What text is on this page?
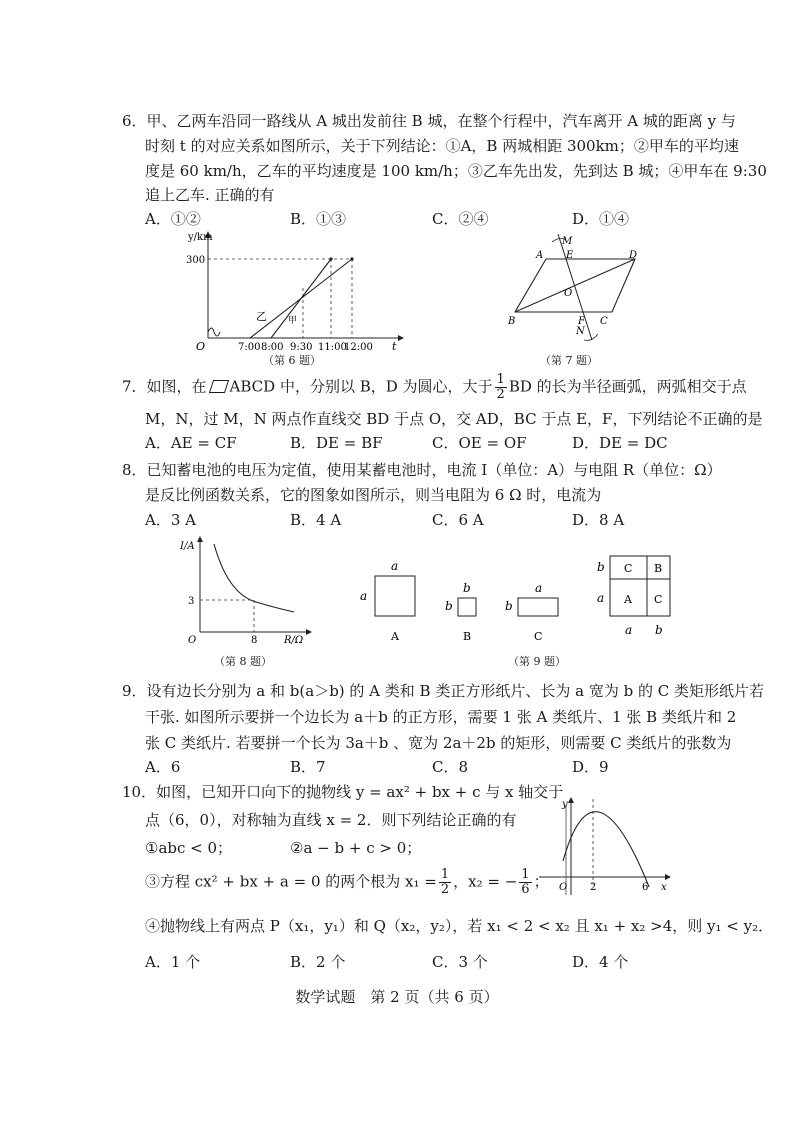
6．甲、乙两车沿同一路线从 A 城出发前往 B 城，在整个行程中，汽车离开 A 城的距离 y 与
时刻 t 的对应关系如图所示，关于下列结论：①A，B 两城相距 300km；②甲车的平均速
度是 60 km/h，乙车的平均速度是 100 km/h；③乙车先出发，先到达 B 城；④甲车在 9:30
追上乙车. 正确的有
A．①②	B．①③	C．②④	D．①④
y/km
300
O	t
7:00 8:00 9:30 11:00
12:00
乙 甲
（第 6 题）
M
A E	D
O
B	F C
N
（第 7 题）
7．如图，在 ABCD 中，分别以 B，D 为圆心，大于 $\frac{1}{2}$ BD 的长为半径画弧，两弧相交于点
M，N，过 M，N 两点作直线交 BD 于点 O，交 AD，BC 于点 E，F，下列结论不正确的是
A．AE = CF	B．DE = BF	C．OE = OF	D．DE = DC
8．已知蓄电池的电压为定值，使用某蓄电池时，电流 I（单位：A）与电阻 R（单位：Ω）
是反比例函数关系，它的图象如图所示，则当电阻为 6 Ω 时，电流为
A．3 A	B．4 A	C．6 A	D．8 A
I/A
3
O	8	R/Ω
（第 8 题）
a
a
A
b
b
B
a
b
C
C B
A C
b
a
a b
（第 9 题）
9．设有边长分别为 a 和 b(a＞b) 的 A 类和 B 类正方形纸片、长为 a 宽为 b 的 C 类矩形纸片若
干张. 如图所示要拼一个边长为 a＋b 的正方形，需要 1 张 A 类纸片、1 张 B 类纸片和 2
张 C 类纸片. 若要拼一个长为 3a＋b 、宽为 2a＋2b 的矩形，则需要 C 类纸片的张数为
A．6	B．7	C．8	D．9
10．如图，已知开口向下的抛物线 y = ax² + bx + c 与 x 轴交于
点（6，0），对称轴为直线 x = 2．则下列结论正确的有
①abc < 0；	②a − b + c > 0；
③方程 cx² + bx + a = 0 的两个根为 $x_1 = \frac{1}{2}$ ，x₂ = − $\frac{1}{6}$ ；
④抛物线上有两点 P（x₁，y₁）和 Q（x₂，y₂），若 x₁ < 2 < x₂ 且 x₁ + x₂ >4，则 y₁ < y₂．
A．1 个	B．2 个	C．3 个	D．4 个
y
x
O 2	6
数学试题　第 2 页（共 6 页）
